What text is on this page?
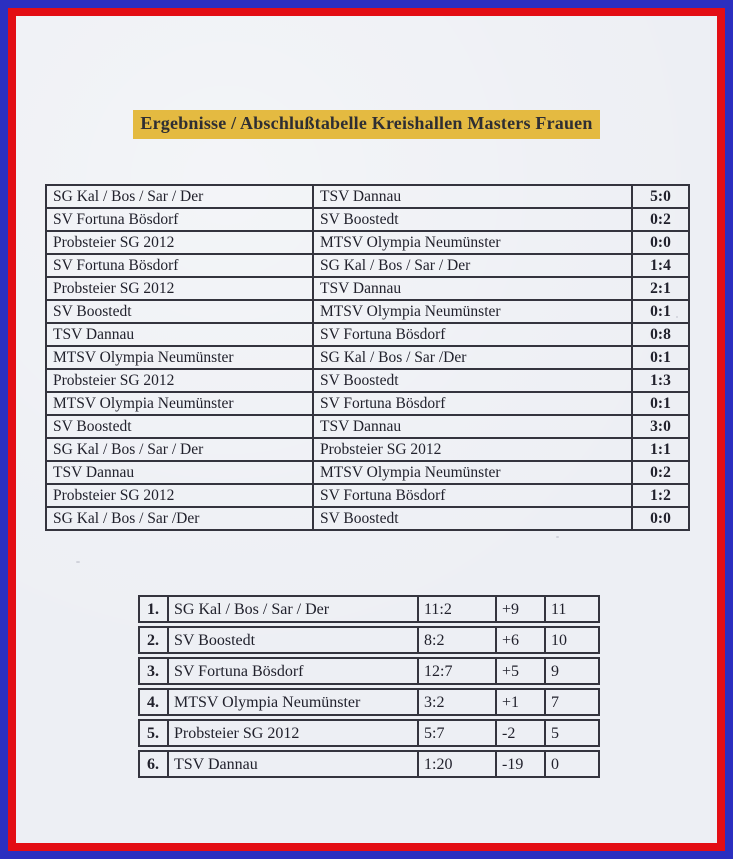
Ergebnisse / Abschlußtabelle Kreishallen Masters Frauen
SG Kal / Bos / Sar / Der	TSV Dannau	5:0
SV Fortuna Bösdorf	SV Boostedt	0:2
Probsteier SG 2012	MTSV Olympia Neumünster	0:0
SV Fortuna Bösdorf	SG Kal / Bos / Sar / Der	1:4
Probsteier SG 2012	TSV Dannau	2:1
SV Boostedt	MTSV Olympia Neumünster	0:1
TSV Dannau	SV Fortuna Bösdorf	0:8
MTSV Olympia Neumünster	SG Kal / Bos / Sar /Der	0:1
Probsteier SG 2012	SV Boostedt	1:3
MTSV Olympia Neumünster	SV Fortuna Bösdorf	0:1
SV Boostedt	TSV Dannau	3:0
SG Kal / Bos / Sar / Der	Probsteier SG 2012	1:1
TSV Dannau	MTSV Olympia Neumünster	0:2
Probsteier SG 2012	SV Fortuna Bösdorf	1:2
SG Kal / Bos / Sar /Der	SV Boostedt	0:0
1. SG Kal / Bos / Sar / Der	11:2	+9	11
2. SV Boostedt	8:2	+6	10
3. SV Fortuna Bösdorf	12:7	+5	9
4. MTSV Olympia Neumünster	3:2	+1	7
5. Probsteier SG 2012	5:7	-2	5
6. TSV Dannau	1:20	-19	0
